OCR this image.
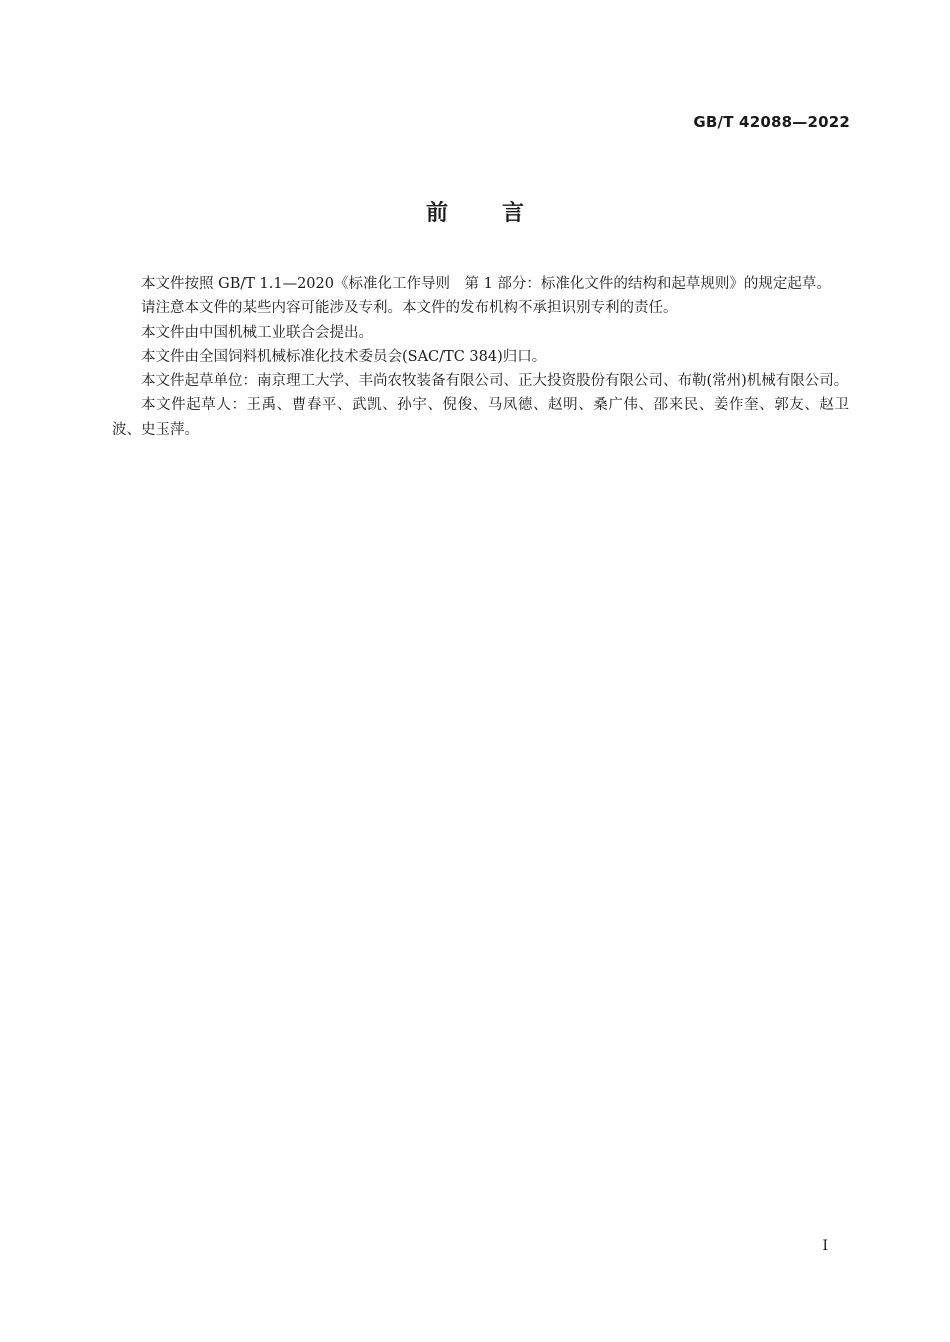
GB/T 42088—2022
前言

本文件按照 GB/T 1.1—2020《标准化工作导则　第 1 部分：标准化文件的结构和起草规则》的规定起草。

请注意本文件的某些内容可能涉及专利。本文件的发布机构不承担识别专利的责任。

本文件由中国机械工业联合会提出。

本文件由全国饲料机械标准化技术委员会(SAC/TC 384)归口。

本文件起草单位：南京理工大学、丰尚农牧装备有限公司、正大投资股份有限公司、布勒(常州)机械有限公司。

本文件起草人：王禹、曹春平、武凯、孙宇、倪俊、马凤德、赵明、桑广伟、邵来民、姜作奎、郭友、赵卫波、史玉萍。

I
